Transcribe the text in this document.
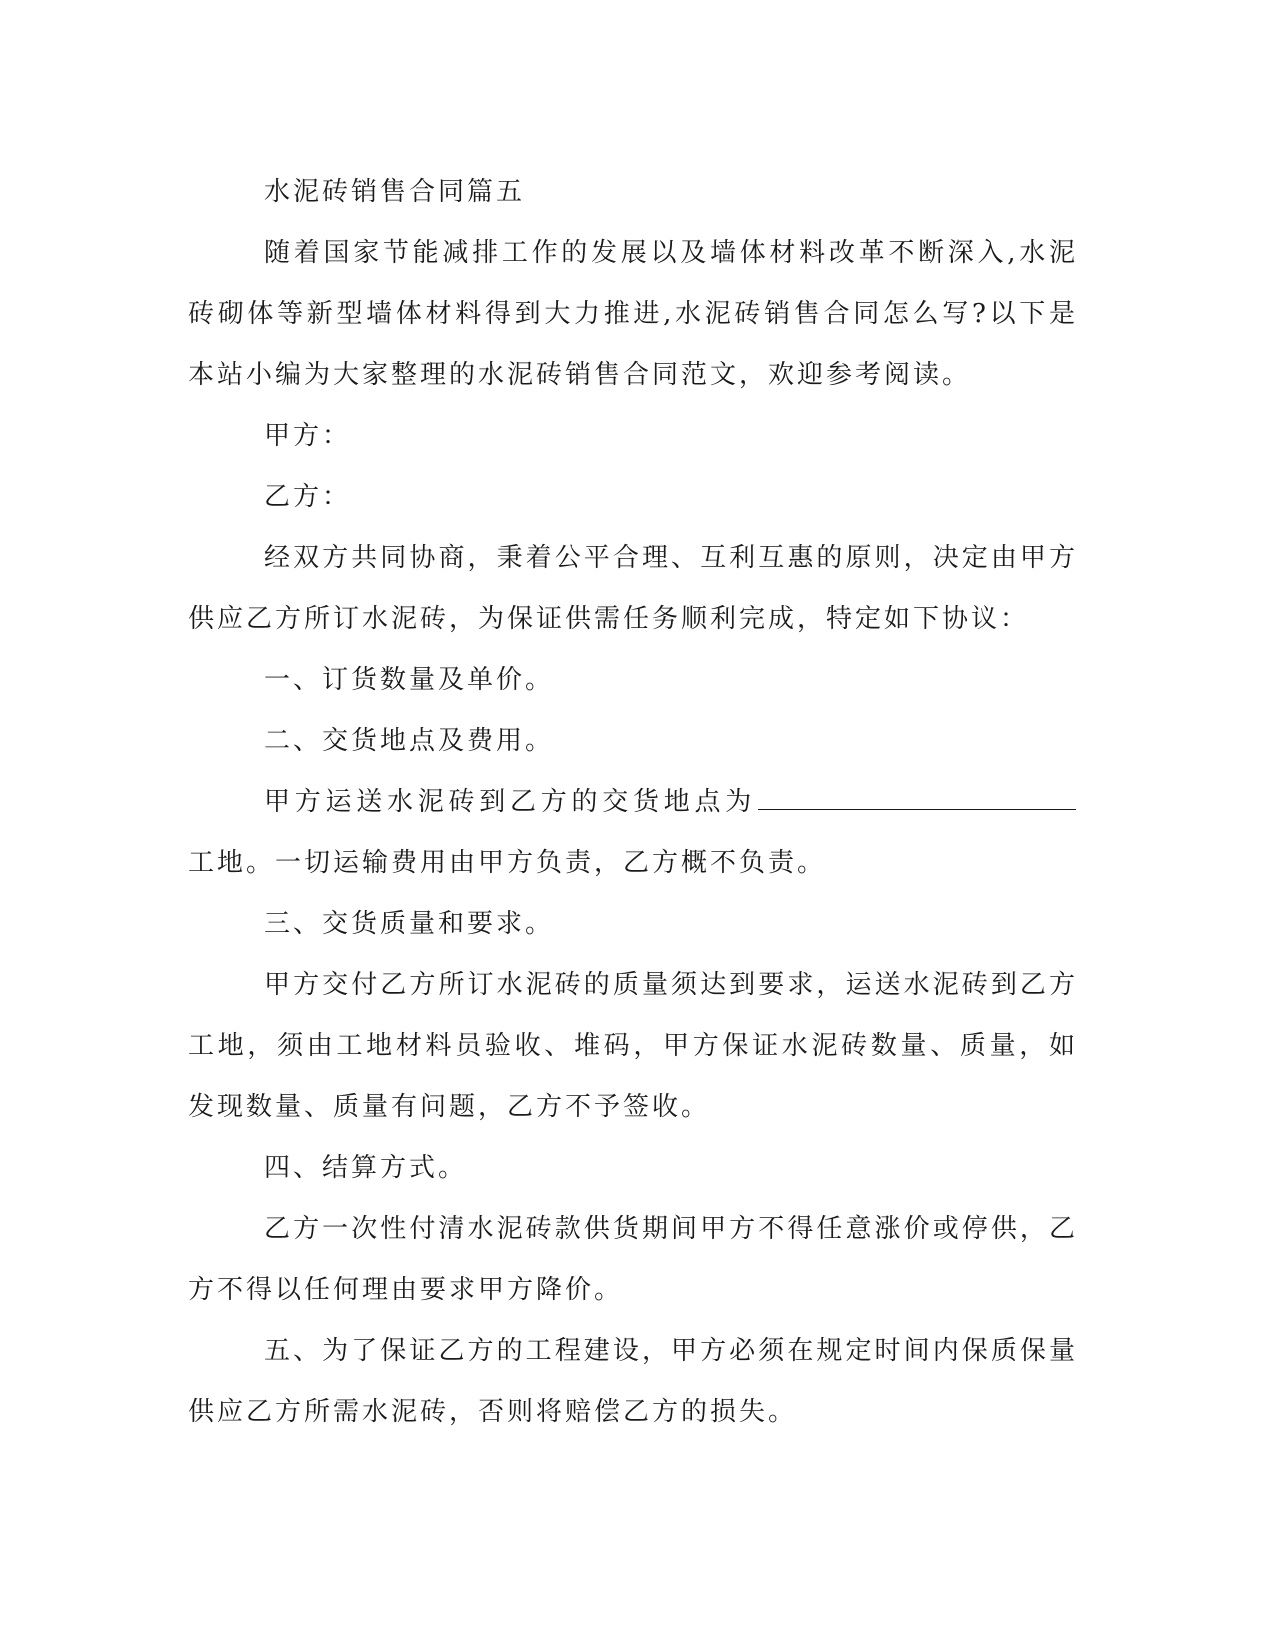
水泥砖销售合同篇五

随着国家节能减排工作的发展以及墙体材料改革不断深入,水泥砖砌体等新型墙体材料得到大力推进,水泥砖销售合同怎么写?以下是本站小编为大家整理的水泥砖销售合同范文，欢迎参考阅读。

甲方：

乙方：

经双方共同协商，秉着公平合理、互利互惠的原则，决定由甲方供应乙方所订水泥砖，为保证供需任务顺利完成，特定如下协议：

一、订货数量及单价。

二、交货地点及费用。

甲方运送水泥砖到乙方的交货地点为工地。一切运输费用由甲方负责，乙方概不负责。

三、交货质量和要求。

甲方交付乙方所订水泥砖的质量须达到要求，运送水泥砖到乙方工地，须由工地材料员验收、堆码，甲方保证水泥砖数量、质量，如发现数量、质量有问题，乙方不予签收。

四、结算方式。

乙方一次性付清水泥砖款供货期间甲方不得任意涨价或停供，乙方不得以任何理由要求甲方降价。

五、为了保证乙方的工程建设，甲方必须在规定时间内保质保量供应乙方所需水泥砖，否则将赔偿乙方的损失。
